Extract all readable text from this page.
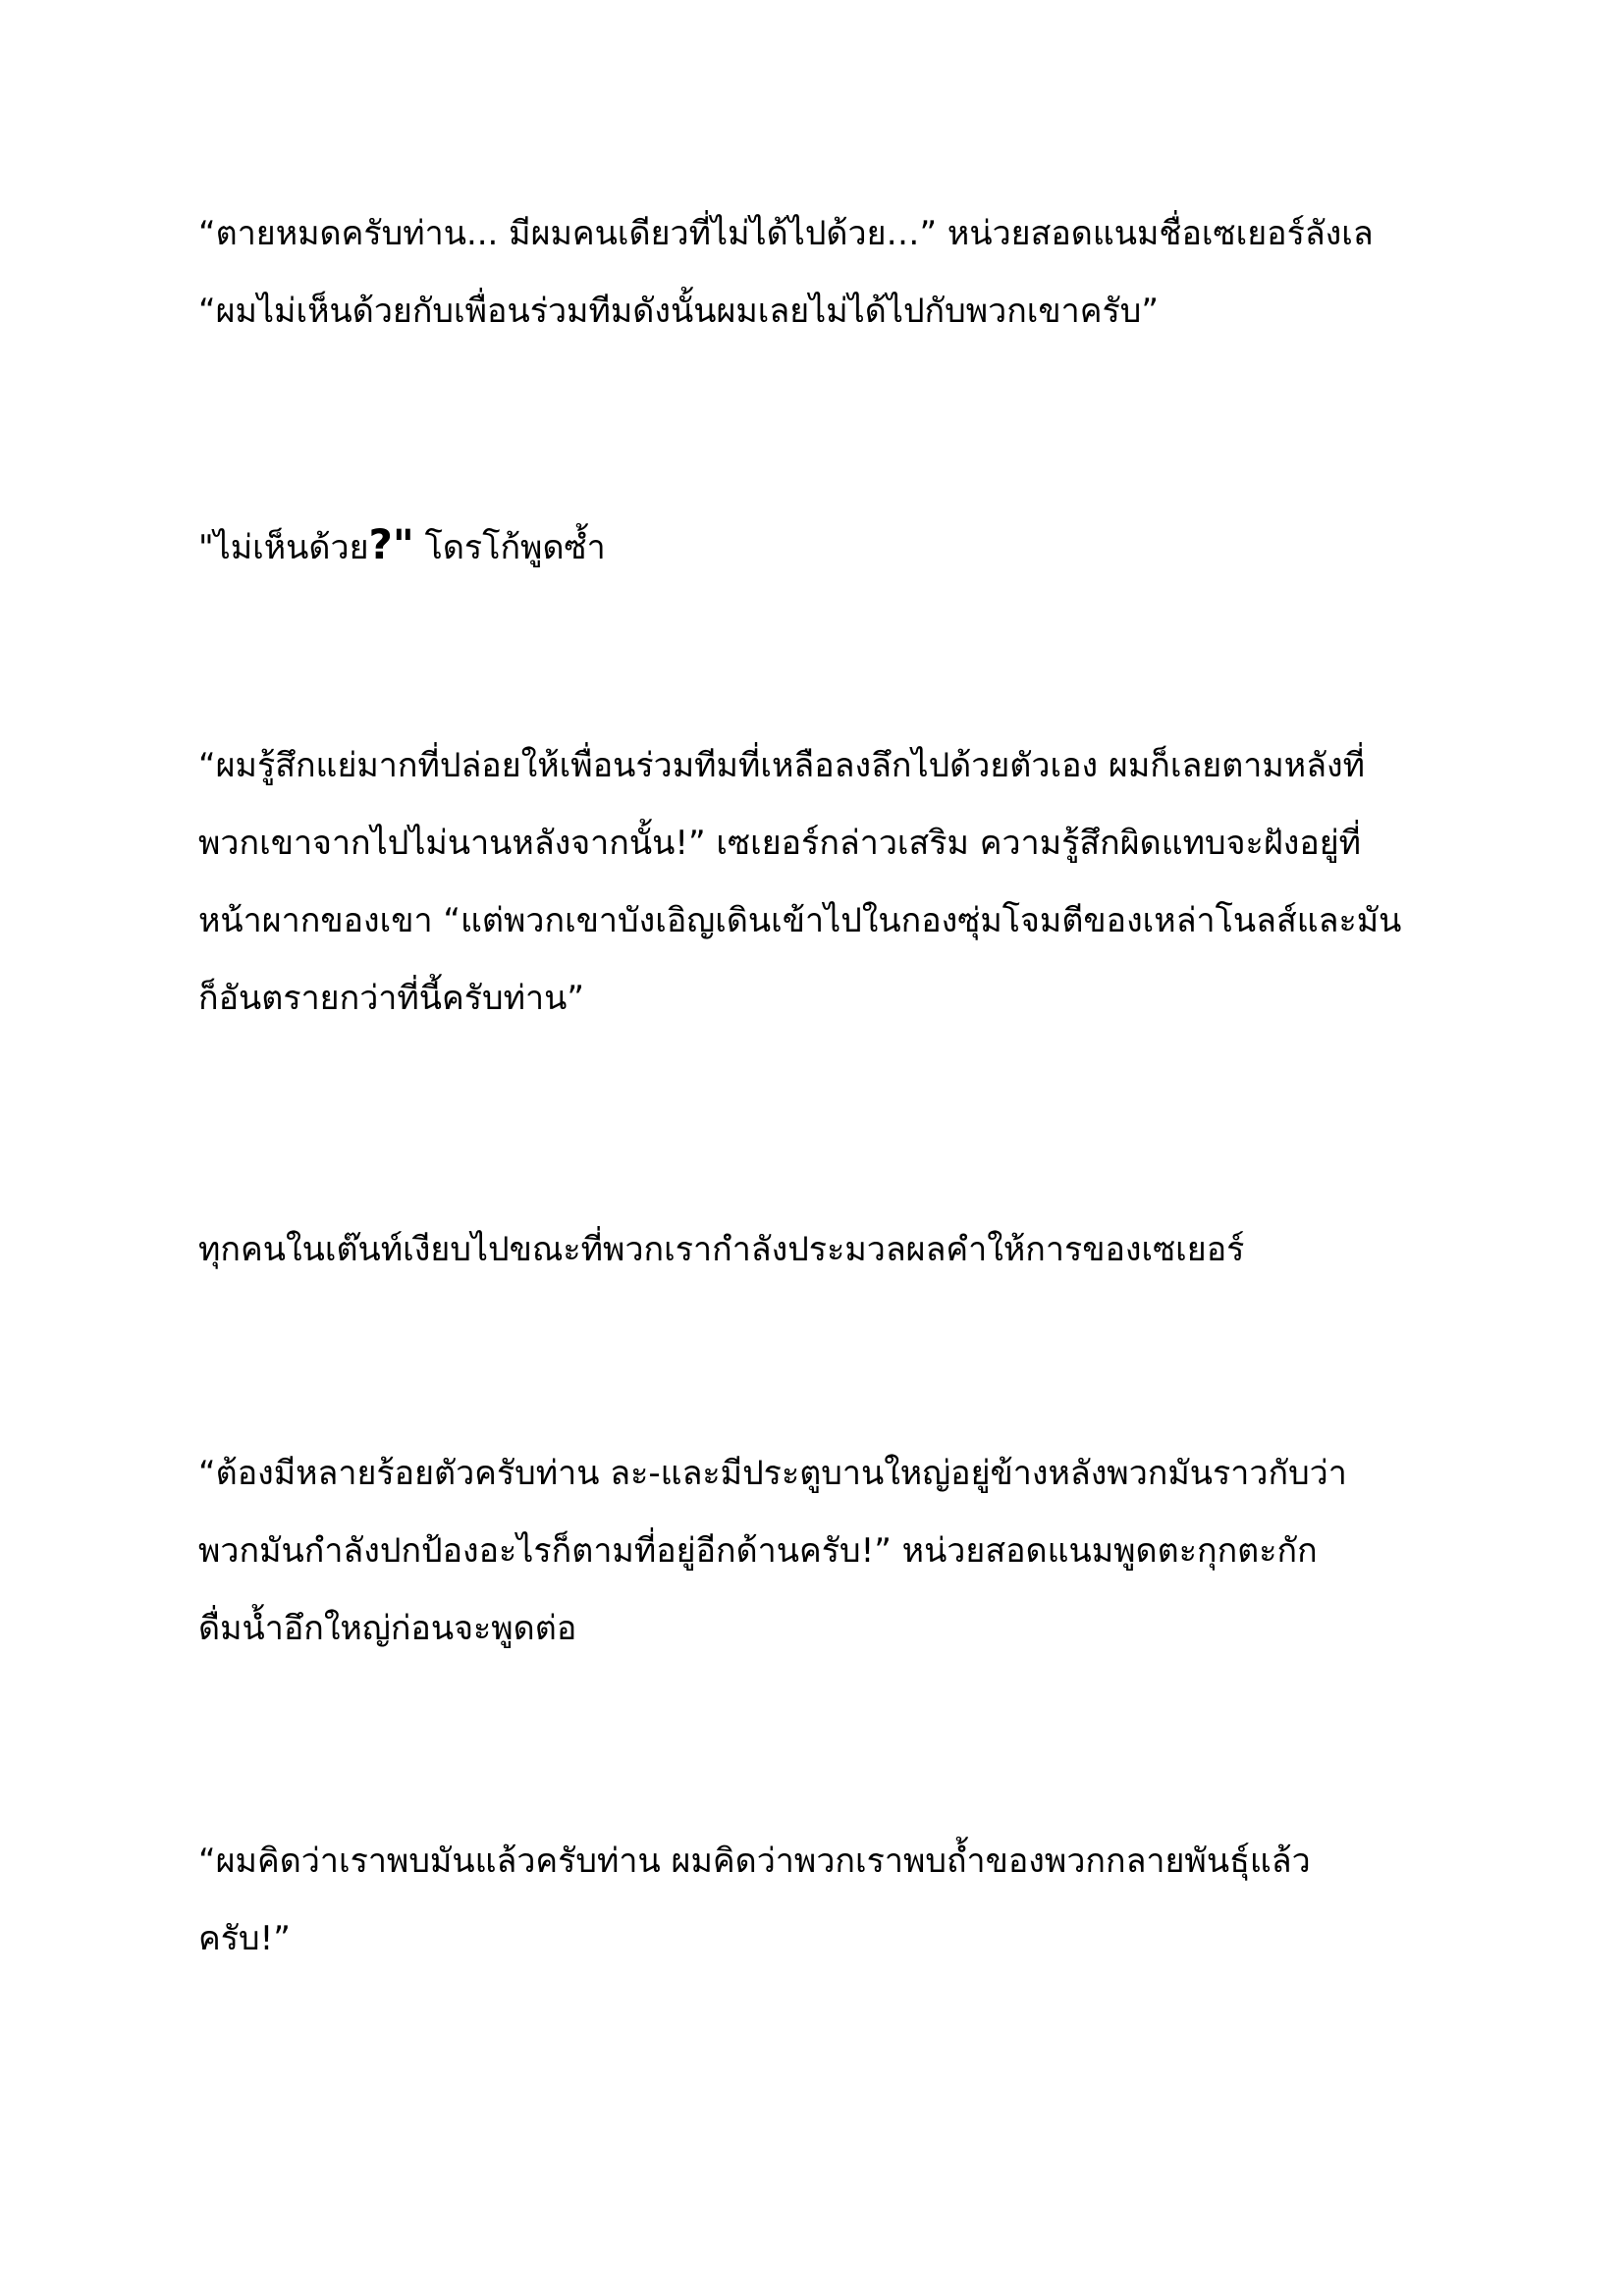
“ตายหมดครับท่าน... มีผมคนเดียวที่ไม่ได้ไปด้วย…” หน่วยสอดแนมชื่อเซเยอร์ลังเล
“ผมไม่เห็นด้วยกับเพื่อนร่วมทีมดังนั้นผมเลยไม่ได้ไปกับพวกเขาครับ”

"ไม่เห็นด้วย?" โดรโก้พูดซ้ำ

“ผมรู้สึกแย่มากที่ปล่อยให้เพื่อนร่วมทีมที่เหลือลงลึกไปด้วยตัวเอง ผมก็เลยตามหลังที่
พวกเขาจากไปไม่นานหลังจากนั้น!” เซเยอร์กล่าวเสริม ความรู้สึกผิดแทบจะฝังอยู่ที่
หน้าผากของเขา “แต่พวกเขาบังเอิญเดินเข้าไปในกองซุ่มโจมตีของเหล่าโนลส์และมัน
ก็อันตรายกว่าที่นี้ครับท่าน”

ทุกคนในเต๊นท์เงียบไปขณะที่พวกเรากำลังประมวลผลคำให้การของเซเยอร์

“ต้องมีหลายร้อยตัวครับท่าน ละ-และมีประตูบานใหญ่อยู่ข้างหลังพวกมันราวกับว่า
พวกมันกำลังปกป้องอะไรก็ตามที่อยู่อีกด้านครับ!” หน่วยสอดแนมพูดตะกุกตะกัก
ดื่มน้ำอึกใหญ่ก่อนจะพูดต่อ

“ผมคิดว่าเราพบมันแล้วครับท่าน ผมคิดว่าพวกเราพบถ้ำของพวกกลายพันธุ์แล้ว
ครับ!”
